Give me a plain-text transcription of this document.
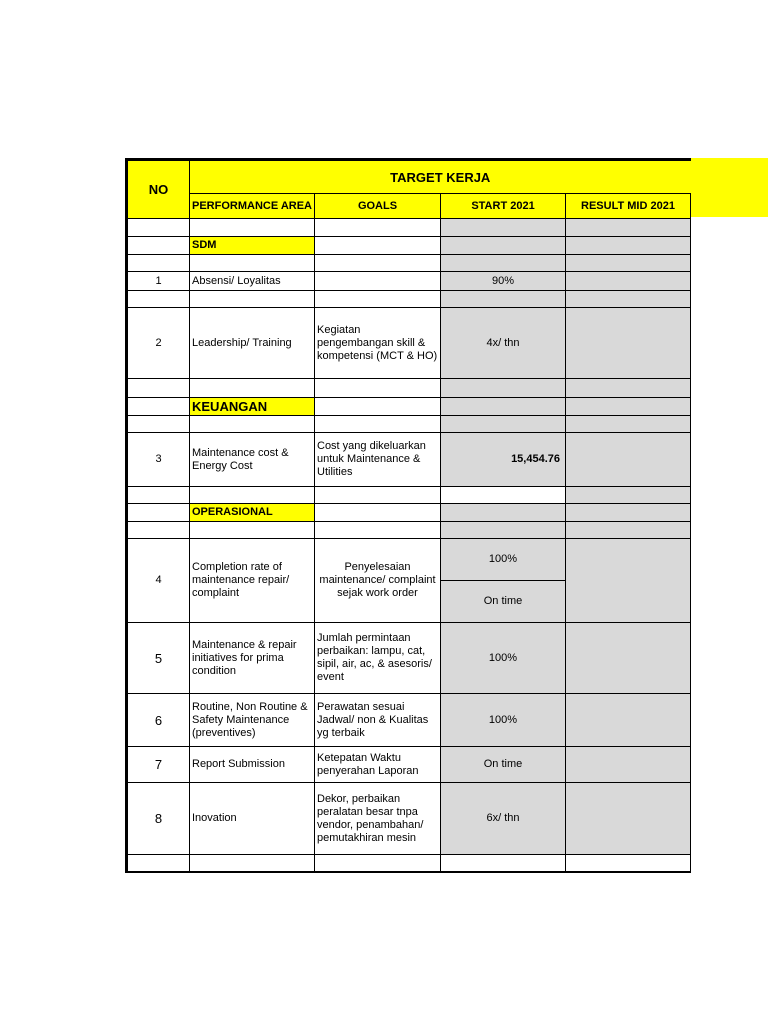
NO	TARGET KERJA			
	PERFORMANCE AREA	GOALS	START 2021	RESULT MID 2021

	SDM			

1	Absensi/ Loyalitas		90%	

2	Leadership/ Training	Kegiatan pengembangan skill & kompetensi (MCT & HO)	4x/ thn	

	KEUANGAN			

3	Maintenance cost & Energy Cost	Cost yang dikeluarkan untuk Maintenance & Utilities	15,454.76	

	OPERASIONAL			

4	Completion rate of maintenance repair/ complaint	Penyelesaian maintenance/ complaint sejak work order	100%	
			On time	
5	Maintenance & repair initiatives for prima condition	Jumlah permintaan perbaikan: lampu, cat, sipil, air, ac, & asesoris/ event	100%	
6	Routine, Non Routine & Safety Maintenance (preventives)	Perawatan sesuai Jadwal/ non & Kualitas yg terbaik	100%	
7	Report Submission	Ketepatan Waktu penyerahan Laporan	On time	
8	Inovation	Dekor, perbaikan peralatan besar tnpa vendor, penambahan/ pemutakhiran mesin	6x/ thn	
